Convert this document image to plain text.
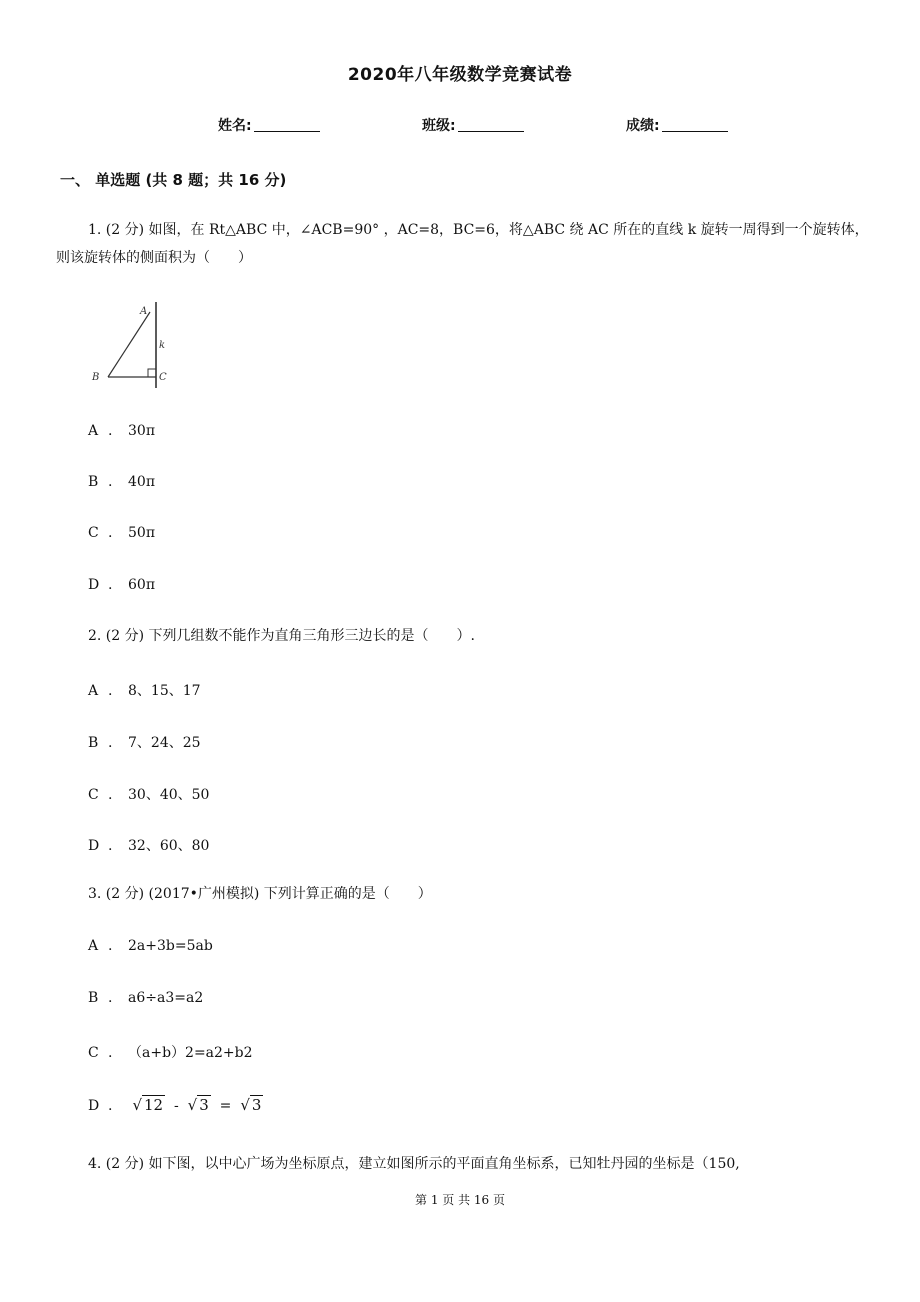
2020年八年级数学竞赛试卷
姓名:	班级:	成绩:
一、 单选题 (共 8 题；共 16 分)
1. (2 分) 如图，在 Rt△ABC 中，∠ACB=90° ，AC=8，BC=6，将△ABC 绕 AC 所在的直线 k 旋转一周得到一个旋转体，则该旋转体的侧面积为（　　）
A
B	C
k
A . 30π
B . 40π
C . 50π
D . 60π
2. (2 分) 下列几组数不能作为直角三角形三边长的是（　　）.
A . 8、15、17
B . 7、24、25
C . 30、40、50
D . 32、60、80
3. (2 分) (2017•广州模拟) 下列计算正确的是（　　）
A . 2a+3b=5ab
B . a6÷a3=a2
C . （a+b）2=a2+b2
D . √ 12 - √ 3 = √ 3
4. (2 分) 如下图，以中心广场为坐标原点，建立如图所示的平面直角坐标系，已知牡丹园的坐标是（150,
第 1 页 共 16 页
